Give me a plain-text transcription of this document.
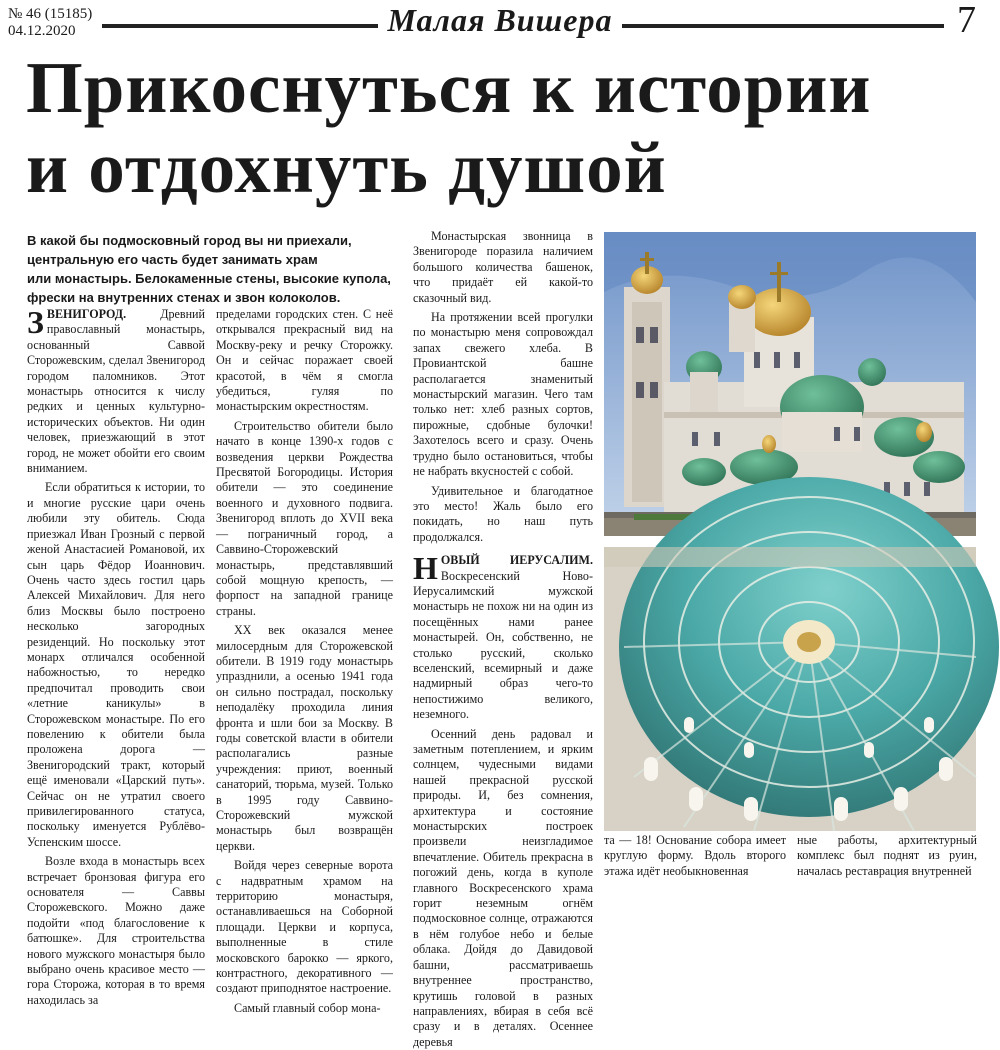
№ 46 (15185)
04.12.2020	Малая Вишера	7
Прикоснуться к истории
и отдохнуть душой
В какой бы подмосковный город вы ни приехали,
центральную его часть будет занимать храм
или монастырь. Белокаменные стены, высокие купола,
фрески на внутренних стенах и звон колоколов.

ЗВЕНИГОРОД. Древний православный монастырь, основанный Саввой Сторожевским, сделал Звенигород городом паломников. Этот монастырь относится к числу редких и ценных культурно-исторических объектов. Ни один человек, приезжающий в этот город, не может обойти его своим вниманием.

Если обратиться к истории, то и многие русские цари очень любили эту обитель. Сюда приезжал Иван Грозный с первой женой Анастасией Романовой, их сын царь Фёдор Иоаннович. Очень часто здесь гостил царь Алексей Михайлович. Для него близ Москвы было построено несколько загородных резиденций. Но поскольку этот монарх отличался особенной набожностью, то нередко предпочитал проводить свои «летние каникулы» в Сторожевском монастыре. По его повелению к обители была проложена дорога — Звенигородский тракт, который ещё именовали «Царский путь». Сейчас он не утратил своего привилегированного статуса, поскольку именуется Рублёво-Успенским шоссе.

Возле входа в монастырь всех встречает бронзовая фигура его основателя — Саввы Сторожевского. Можно даже подойти «под благословение к батюшке». Для строительства нового мужского монастыря было выбрано очень красивое место — гора Сторожа, которая в то время находилась за

пределами городских стен. С неё открывался прекрасный вид на Москву-реку и речку Сторожку. Он и сейчас поражает своей красотой, в чём я смогла убедиться, гуляя по монастырским окрестностям.

Строительство обители было начато в конце 1390-х годов с возведения церкви Рождества Пресвятой Богородицы. История обители — это соединение военного и духовного подвига. Звенигород вплоть до XVII века — пограничный город, а Саввино-Сторожевский монастырь, представлявший собой мощную крепость, — форпост на западной границе страны.

XX век оказался менее милосердным для Сторожевской обители. В 1919 году монастырь упразднили, а осенью 1941 года он сильно пострадал, поскольку неподалёку проходила линия фронта и шли бои за Москву. В годы советской власти в обители располагались разные учреждения: приют, военный санаторий, тюрьма, музей. Только в 1995 году Саввино-Сторожевский мужской монастырь был возвращён церкви.

Войдя через северные ворота с надвратным храмом на территорию монастыря, останавливаешься на Соборной площади. Церкви и корпуса, выполненные в стиле московского барокко — яркого, контрастного, декоративного — создают приподнятое настроение.

Самый главный собор мона-

Монастырская звонница в Звенигороде поразила наличием большого количества башенок, что придаёт ей какой-то сказочный вид.

На протяжении всей прогулки по монастырю меня сопровождал запах свежего хлеба. В Провиантской башне располагается знаменитый монастырский магазин. Чего там только нет: хлеб разных сортов, пирожные, сдобные булочки! Захотелось всего и сразу. Очень трудно было остановиться, чтобы не набрать вкусностей с собой.

Удивительное и благодатное это место! Жаль было его покидать, но наш путь продолжался.

НОВЫЙ ИЕРУСАЛИМ. Воскресенский Ново-Иерусалимский мужской монастырь не похож ни на один из посещённых нами ранее монастырей. Он, собственно, не столько русский, сколько вселенский, всемирный и даже надмирный образ чего-то непостижимо великого, неземного.

Осенний день радовал и заметным потеплением, и ярким солнцем, чудесными видами нашей прекрасной русской природы. И, без сомнения, архитектура и состояние монастырских построек произвели неизгладимое впечатление. Обитель прекрасна в погожий день, когда в куполе главного Воскресенского храма горит неземным огнём подмосковное солнце, отражаются в нём голубое небо и белые облака. Дойдя до Давидовой башни, рассматриваешь внутреннее пространство, крутишь головой в разных направлениях, вбирая в себя всё сразу и в деталях. Осеннее деревья

та — 18! Основание собора имеет круглую форму. Вдоль второго этажа идёт необыкновенная

ные работы, архитектурный комплекс был поднят из руин, началась реставрация внутренней
